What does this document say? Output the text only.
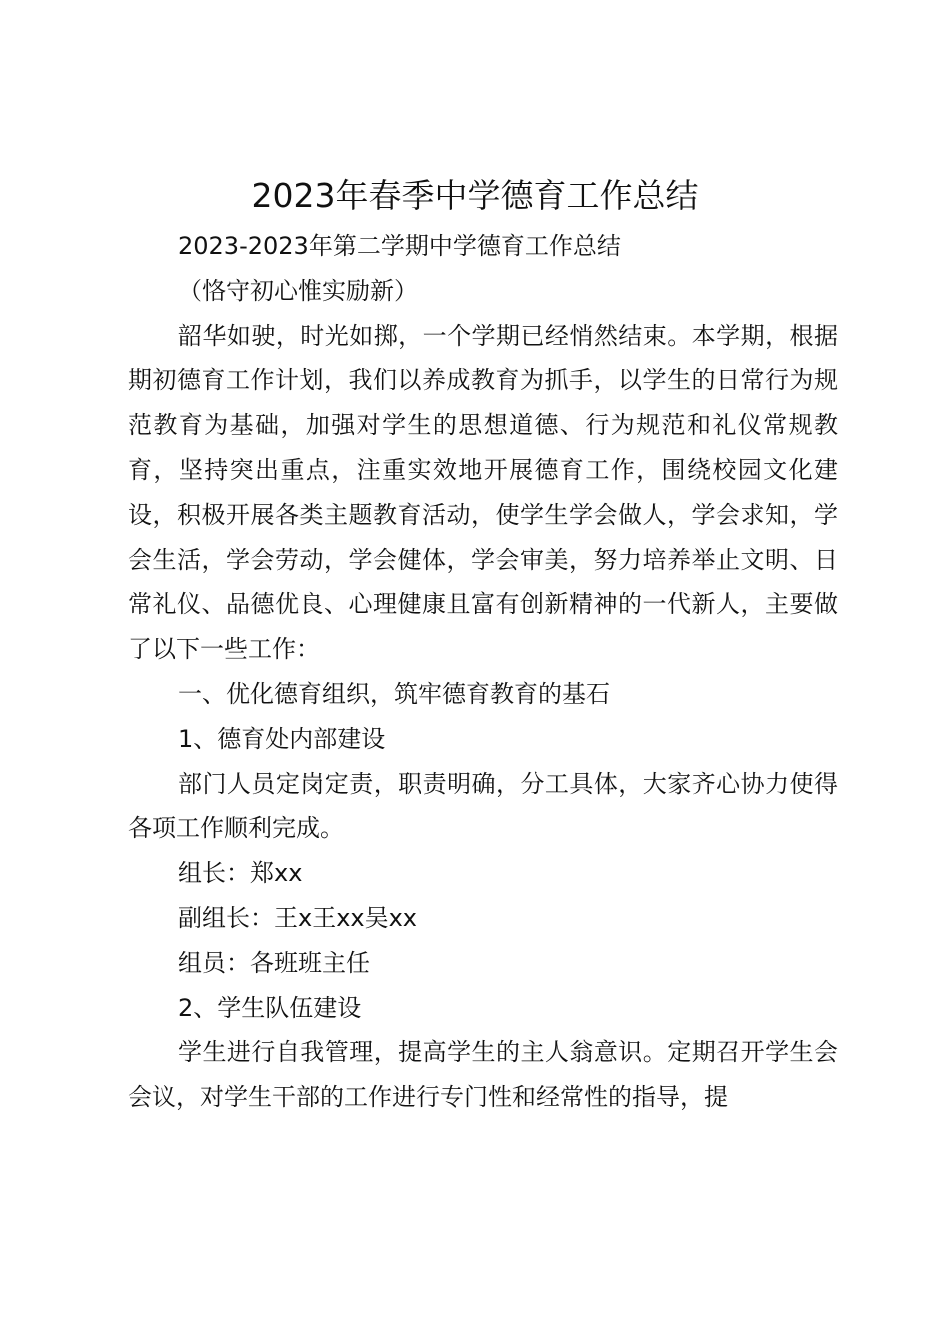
2023年春季中学德育工作总结

2023-2023年第二学期中学德育工作总结

（恪守初心惟实励新）

韶华如驶，时光如掷，一个学期已经悄然结束。本学期，根据期初德育工作计划，我们以养成教育为抓手，以学生的日常行为规范教育为基础，加强对学生的思想道德、行为规范和礼仪常规教育，坚持突出重点，注重实效地开展德育工作，围绕校园文化建设，积极开展各类主题教育活动，使学生学会做人，学会求知，学会生活，学会劳动，学会健体，学会审美，努力培养举止文明、日常礼仪、品德优良、心理健康且富有创新精神的一代新人，主要做了以下一些工作：

一、优化德育组织，筑牢德育教育的基石

1、德育处内部建设

部门人员定岗定责，职责明确，分工具体，大家齐心协力使得各项工作顺利完成。

组长：郑xx

副组长：王x王xx吴xx

组员：各班班主任

2、学生队伍建设

学生进行自我管理，提高学生的主人翁意识。定期召开学生会会议，对学生干部的工作进行专门性和经常性的指导，提
